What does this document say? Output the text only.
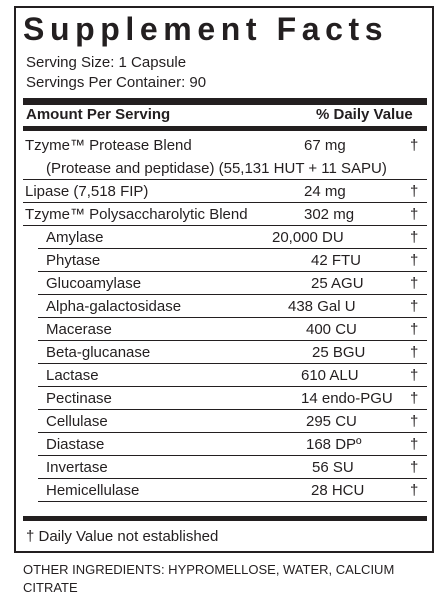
Supplement Facts
Serving Size: 1 Capsule
Servings Per Container: 90
Amount Per Serving	% Daily Value
Tzyme™ Protease Blend	67 mg	†
(Protease and peptidase) (55,131 HUT + 11 SAPU)
Lipase (7,518 FIP)	24 mg	†
Tzyme™ Polysaccharolytic Blend	302 mg	†
Amylase	20,000 DU	†
Phytase	42 FTU	†
Glucoamylase	25 AGU	†
Alpha-galactosidase	438 Gal U	†
Macerase	400 CU	†
Beta-glucanase	25 BGU	†
Lactase	610 ALU	†
Pectinase	14 endo-PGU †
Cellulase	295 CU	†
Diastase	168 DPº	†
Invertase	56 SU	†
Hemicellulase	28 HCU	†
† Daily Value not established
OTHER INGREDIENTS: HYPROMELLOSE, WATER, CALCIUM CITRATE
